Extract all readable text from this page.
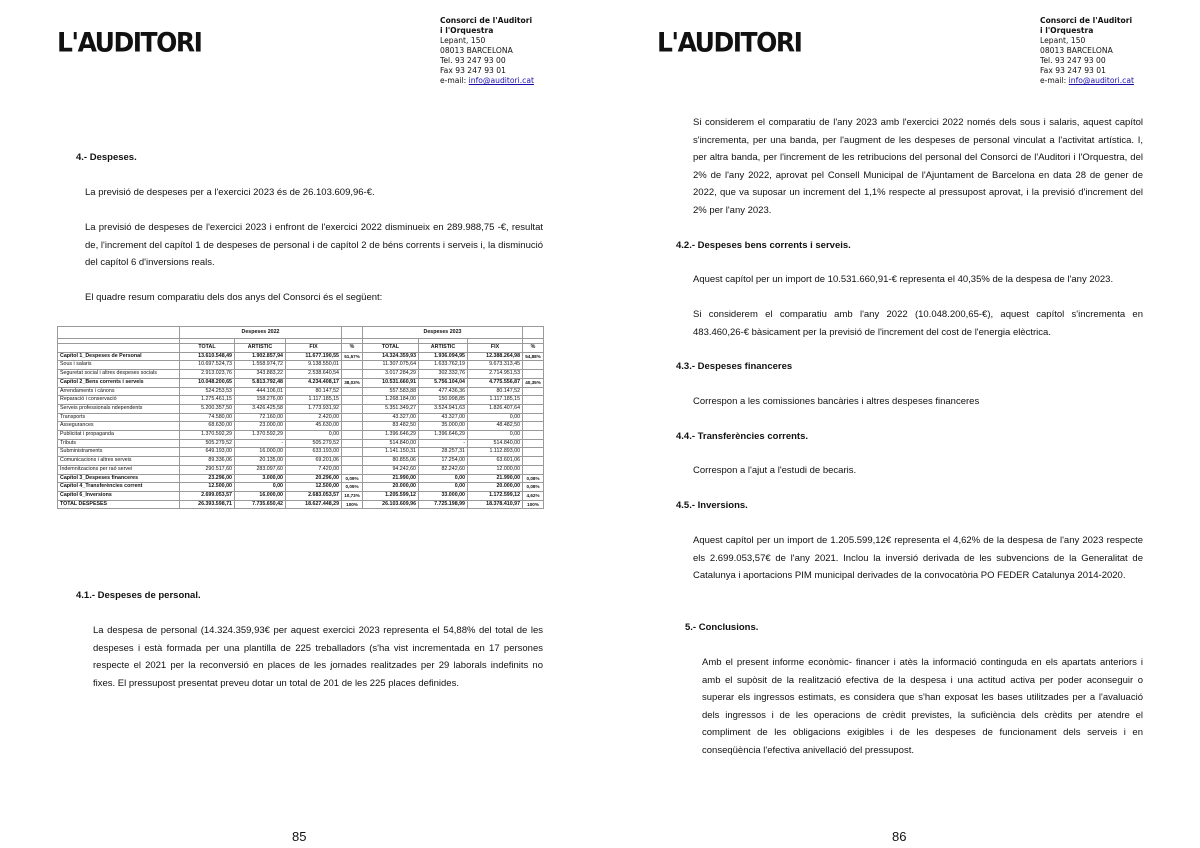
L'AUDITORI
Consorci de l'Auditori
i l'Orquestra
Lepant, 150
08013 BARCELONA
Tel. 93 247 93 00
Fax 93 247 93 01
e-mail: info@auditori.cat
4.- Despeses.
La previsió de despeses per a l'exercici 2023 és de 26.103.609,96-€.
La previsió de despeses de l'exercici 2023 i enfront de l'exercici 2022 disminueix en 289.988,75 -€, resultat de, l'increment del capítol 1 de despeses de personal i de capítol 2 de béns corrents i serveis i, la disminució del capítol 6 d'inversions reals.
El quadre resum comparatiu dels dos anys del Consorci és el següent:
	Despeses 2022				Despeses 2023			

	TOTAL	ARTÍSTIC	FIX	%	TOTAL	ARTÍSTIC	FIX	%
Capítol 1_Despeses de Personal	13.610.548,49	1.902.857,94	11.677.190,55	51,57%	14.324.359,93	1.936.094,95	12.388.264,98	54,88%
Sous i salaris	10.697.524,73	1.558.974,72	9.138.550,01		11.307.075,64	1.633.762,19	9.673.313,45	
Seguretat social i altres despeses socials	2.913.023,76	343.883,22	2.538.640,54		3.017.284,29	302.332,76	2.714.951,53	
Capítol 2_Bens corrents i serveis	10.048.200,65	5.813.792,48	4.234.408,17	38,03%	10.531.660,91	5.756.104,04	4.775.556,87	40,35%
Arrendaments i cànons	524.253,53	444.106,01	80.147,52		557.583,88	477.436,36	80.147,52	
Reparació i conservació	1.275.461,15	158.276,00	1.117.185,15		1.268.184,00	150.998,85	1.117.185,15	
Serveis professionals ndependents	5.200.357,50	3.426.425,58	1.773.931,92		5.351.349,27	3.524.941,63	1.826.407,64	
Transports	74.580,00	72.160,00	2.420,00		43.327,00	43.327,00	0,00	
Assegurances	68.630,00	23.000,00	45.630,00		83.482,50	35.000,00	48.482,50	
Publicitat i propaganda	1.370.592,29	1.370.592,29	0,00		1.396.646,29	1.396.646,29	0,00	
Tributs	505.279,52	-	505.279,52		514.840,00	-	514.840,00	
Subministraments	649.193,00	16.000,00	633.193,00		1.141.150,31	28.257,31	1.112.893,00	
Comunicacions i altres serveis	89.336,06	20.135,00	69.201,06		80.855,06	17.254,00	63.601,06	
Indemnitzacions per raó servei	290.517,60	283.097,60	7.420,00		94.242,60	82.242,60	12.000,00	
Capítol 3_Despeses financeres	23.296,00	3.000,00	20.296,00	0,09%	21.990,00	0,00	21.990,00	0,08%
Capítol 4_Transferències corrent	12.500,00	0,00	12.500,00	0,05%	20.000,00	0,00	20.000,00	0,08%
Capítol 6_Inversions	2.699.053,57	16.000,00	2.683.053,57	10,73%	1.205.599,12	33.000,00	1.172.599,12	4,62%
TOTAL DESPESES	26.393.598,71	7.735.650,42	18.627.448,29	100%	26.103.609,96	7.725.198,99	18.378.410,97	100%
4.1.- Despeses de personal.
La despesa de personal (14.324.359,93€ per aquest exercici 2023 representa el 54,88% del total de les despeses i està formada per una plantilla de 225 treballadors (s'ha vist incrementada en 17 persones respecte el 2021 per la reconversió en places de les jornades realitzades per 29 laborals indefinits no fixes. El pressupost presentat preveu dotar un total de 201 de les 225 places definides.
85
L'AUDITORI
Consorci de l'Auditori
i l'Orquestra
Lepant, 150
08013 BARCELONA
Tel. 93 247 93 00
Fax 93 247 93 01
e-mail: info@auditori.cat
Si considerem el comparatiu de l'any 2023 amb l'exercici 2022 només dels sous i salaris, aquest capítol s'incrementa, per una banda, per l'augment de les despeses de personal vinculat a l'activitat artística. I, per altra banda, per l'increment de les retribucions del personal del Consorci de l'Auditori i l'Orquestra, del 2% de l'any 2022, aprovat pel Consell Municipal de l'Ajuntament de Barcelona en data 28 de gener de 2022, que va suposar un increment del 1,1% respecte al pressupost aprovat, i la previsió d'increment del 2% per l'any 2023.
4.2.- Despeses bens corrents i serveis.
Aquest capítol per un import de 10.531.660,91-€ representa el 40,35% de la despesa de l'any 2023.
Si considerem el comparatiu amb l'any 2022 (10.048.200,65-€), aquest capítol s'incrementa en 483.460,26-€ bàsicament per la previsió de l'increment del cost de l'energia elèctrica.
4.3.- Despeses financeres
Correspon a les comissiones bancàries i altres despeses financeres
4.4.- Transferències corrents.
Correspon a l'ajut a l'estudi de becaris.
4.5.- Inversions.
Aquest capítol per un import de 1.205.599,12€ representa el 4,62% de la despesa de l'any 2023 respecte els 2.699.053,57€ de l'any 2021. Inclou la inversió derivada de les subvencions de la Generalitat de Catalunya i aportacions PIM municipal derivades de la convocatòria PO FEDER Catalunya 2014-2020.
5.- Conclusions.
Amb el present informe econòmic- financer i atès la informació continguda en els apartats anteriors i amb el supòsit de la realització efectiva de la despesa i una actitud activa per poder aconseguir o superar els ingressos estimats, es considera que s'han exposat les bases utilitzades per a l'avaluació dels ingressos i de les operacions de crèdit previstes, la suficiència dels crèdits per atendre el compliment de les obligacions exigibles i de les despeses de funcionament dels serveis i en conseqüència l'efectiva anivellació del pressupost.
86
